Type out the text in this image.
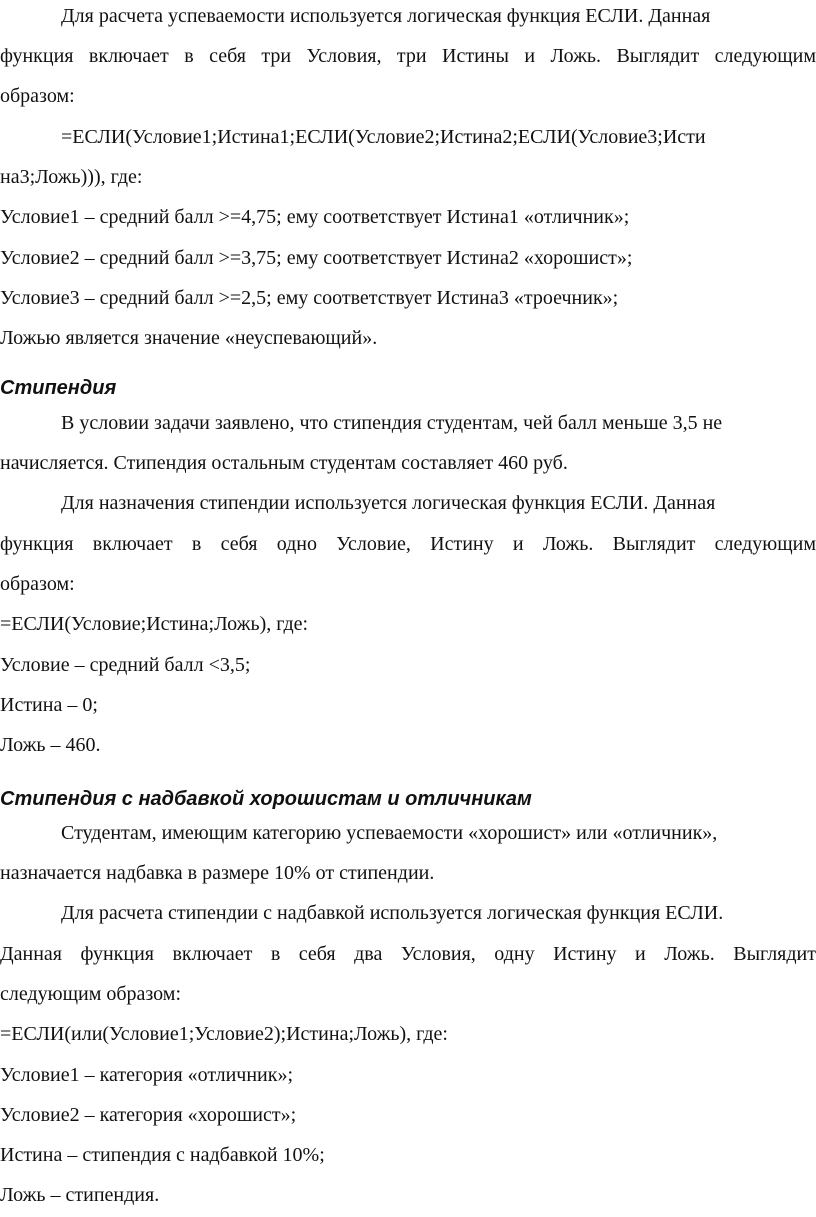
Для расчета успеваемости используется логическая функция ЕСЛИ. Данная
функция включает в себя три Условия, три Истины и Ложь. Выглядит следующим
образом:
=ЕСЛИ(Условие1;Истина1;ЕСЛИ(Условие2;Истина2;ЕСЛИ(Условие3;Исти
на3;Ложь))), где:
Условие1 – средний балл >=4,75; ему соответствует Истина1 «отличник»;
Условие2 – средний балл >=3,75; ему соответствует Истина2 «хорошист»;
Условие3 – средний балл >=2,5; ему соответствует Истина3 «троечник»;
Ложью является значение «неуспевающий».
Стипендия
В условии задачи заявлено, что стипендия студентам, чей балл меньше 3,5 не
начисляется. Стипендия остальным студентам составляет 460 руб.
Для назначения стипендии используется логическая функция ЕСЛИ. Данная
функция включает в себя одно Условие, Истину и Ложь. Выглядит следующим
образом:
=ЕСЛИ(Условие;Истина;Ложь), где:
Условие – средний балл <3,5;
Истина – 0;
Ложь – 460.
Стипендия с надбавкой хорошистам и отличникам
Студентам, имеющим категорию успеваемости «хорошист» или «отличник»,
назначается надбавка в размере 10% от стипендии.
Для расчета стипендии с надбавкой используется логическая функция ЕСЛИ.
Данная функция включает в себя два Условия, одну Истину и Ложь. Выглядит
следующим образом:
=ЕСЛИ(или(Условие1;Условие2);Истина;Ложь), где:
Условие1 – категория «отличник»;
Условие2 – категория «хорошист»;
Истина – стипендия с надбавкой 10%;
Ложь – стипендия.
